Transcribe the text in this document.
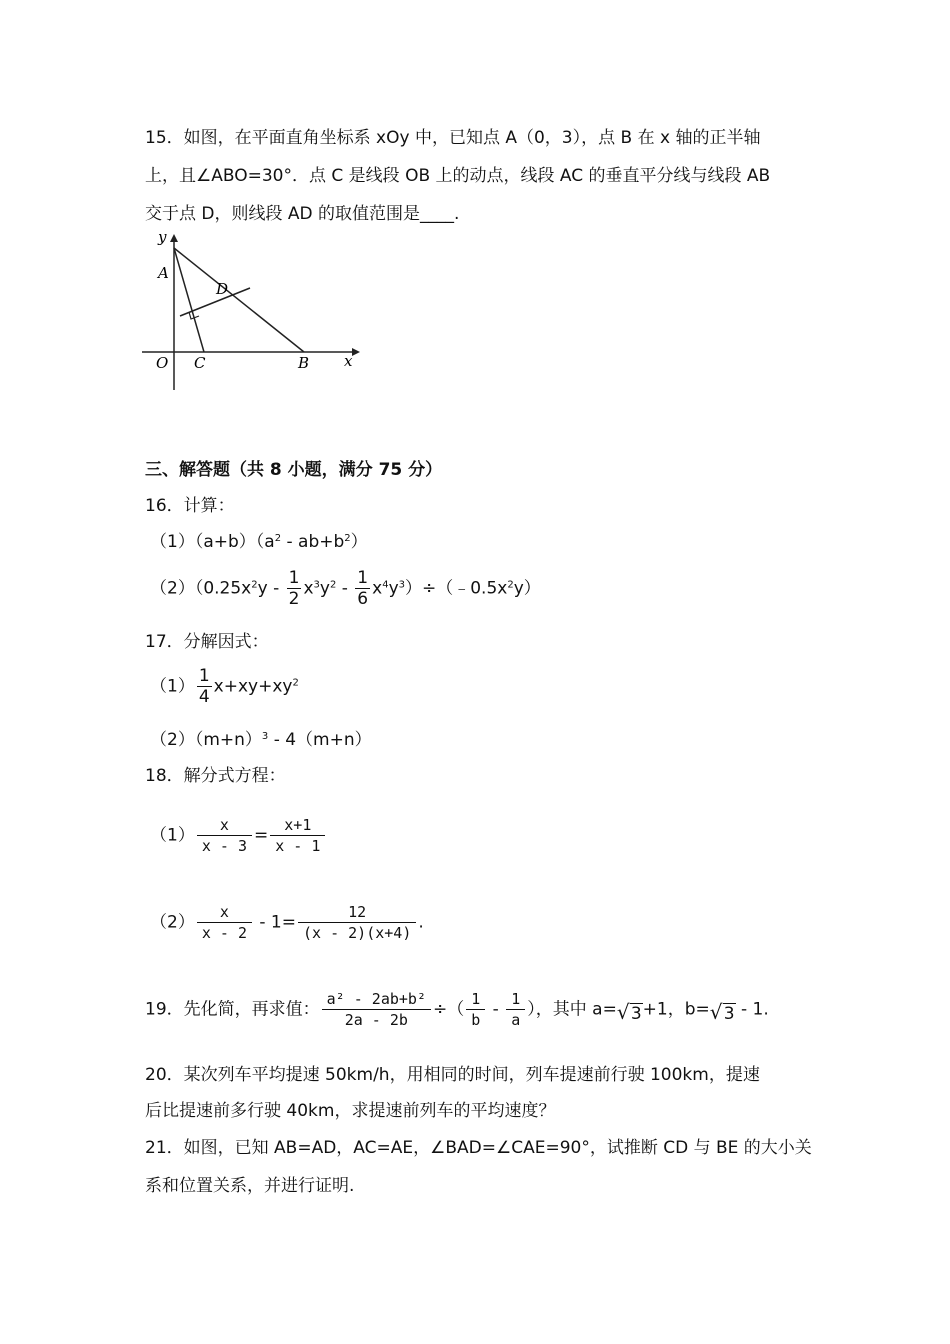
15．如图，在平面直角坐标系 xOy 中，已知点 A（0，3），点 B 在 x 轴的正半轴
上，且∠ABO=30°．点 C 是线段 OB 上的动点，线段 AC 的垂直平分线与线段 AB
交于点 D，则线段 AD 的取值范围是____.
y
A
D
O C	B x
三、解答题（共 8 小题，满分 75 分）
16．计算：
$(1)(a+b)(a^2 - ab+b^2)$
$(2)(0.25x^2y - \frac{1}{2} x^3y^2 - \frac{1}{6}$ $x^4y^3)\div(﹣0.5x^2y)$
17．分解因式：
$(1) \frac{1}{4} x+xy+xy^2$
$(2)(m+n)^3 - 4(m+n)$
18．解分式方程：
$(1) \frac{x}{x - 3} = \frac{x+1}{x - 1}$
$(2) \frac{x}{x - 2} - 1= \frac{12}{(x - 2)(x+4)}$ .
19．先化简，再求值： $\frac{\text{a² - 2ab+b²}}{2a - 2b}$ ÷（ $\frac{1}{b} - \frac{1}{a}$ ），其中 a= √ 3+1，b= √ 3 - 1.
20．某次列车平均提速 50km/h，用相同的时间，列车提速前行驶 100km，提速
后比提速前多行驶 40km，求提速前列车的平均速度？
21．如图，已知 AB=AD，AC=AE，∠BAD=∠CAE=90°，试推断 CD 与 BE 的大小关
系和位置关系，并进行证明.
